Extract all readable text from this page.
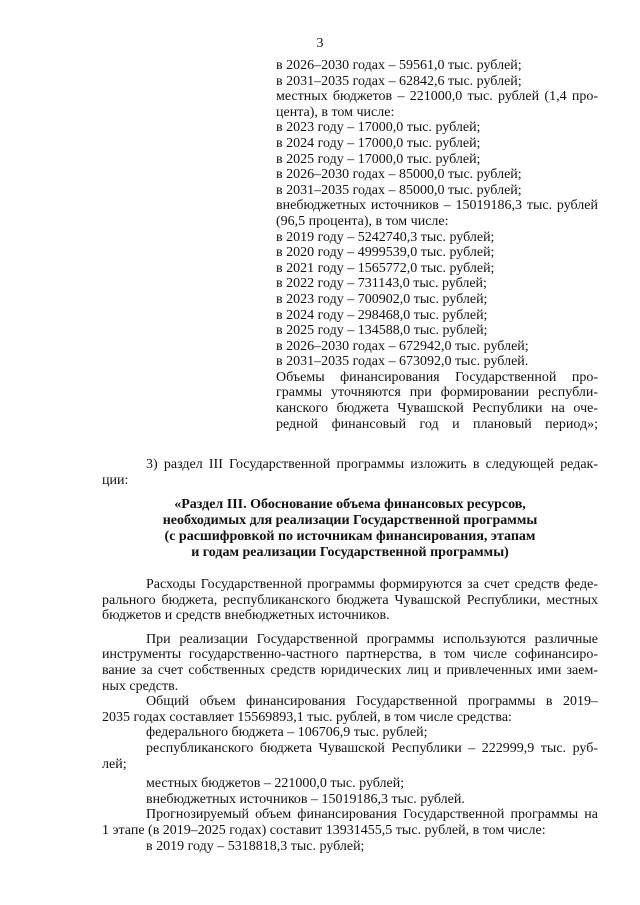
3
в 2026–2030 годах – 59561,0 тыс. рублей;
в 2031–2035 годах – 62842,6 тыс. рублей;
местных бюджетов – 221000,0 тыс. рублей (1,4 про-
цента), в том числе:
в 2023 году – 17000,0 тыс. рублей;
в 2024 году – 17000,0 тыс. рублей;
в 2025 году – 17000,0 тыс. рублей;
в 2026–2030 годах – 85000,0 тыс. рублей;
в 2031–2035 годах – 85000,0 тыс. рублей;
внебюджетных источников – 15019186,3 тыс. рублей
(96,5 процента), в том числе:
в 2019 году – 5242740,3 тыс. рублей;
в 2020 году – 4999539,0 тыс. рублей;
в 2021 году – 1565772,0 тыс. рублей;
в 2022 году – 731143,0 тыс. рублей;
в 2023 году – 700902,0 тыс. рублей;
в 2024 году – 298468,0 тыс. рублей;
в 2025 году – 134588,0 тыс. рублей;
в 2026–2030 годах – 672942,0 тыс. рублей;
в 2031–2035 годах – 673092,0 тыс. рублей.
Объемы финансирования Государственной про-
граммы уточняются при формировании республи-
канского бюджета Чувашской Республики на оче-
редной финансовый год и плановый период»;
3) раздел III Государственной программы изложить в следующей редак-
ции:
«Раздел III. Обоснование объема финансовых ресурсов,
необходимых для реализации Государственной программы
(с расшифровкой по источникам финансирования, этапам
и годам реализации Государственной программы)
Расходы Государственной программы формируются за счет средств феде-
рального бюджета, республиканского бюджета Чувашской Республики, местных
бюджетов и средств внебюджетных источников.
При реализации Государственной программы используются различные
инструменты государственно-частного партнерства, в том числе софинансиро-
вание за счет собственных средств юридических лиц и привлеченных ими заем-
ных средств.
Общий объем финансирования Государственной программы в 2019–
2035 годах составляет 15569893,1 тыс. рублей, в том числе средства:
федерального бюджета – 106706,9 тыс. рублей;
республиканского бюджета Чувашской Республики – 222999,9 тыс. руб-
лей;
местных бюджетов – 221000,0 тыс. рублей;
внебюджетных источников – 15019186,3 тыс. рублей.
Прогнозируемый объем финансирования Государственной программы на
1 этапе (в 2019–2025 годах) составит 13931455,5 тыс. рублей, в том числе:
в 2019 году – 5318818,3 тыс. рублей;
